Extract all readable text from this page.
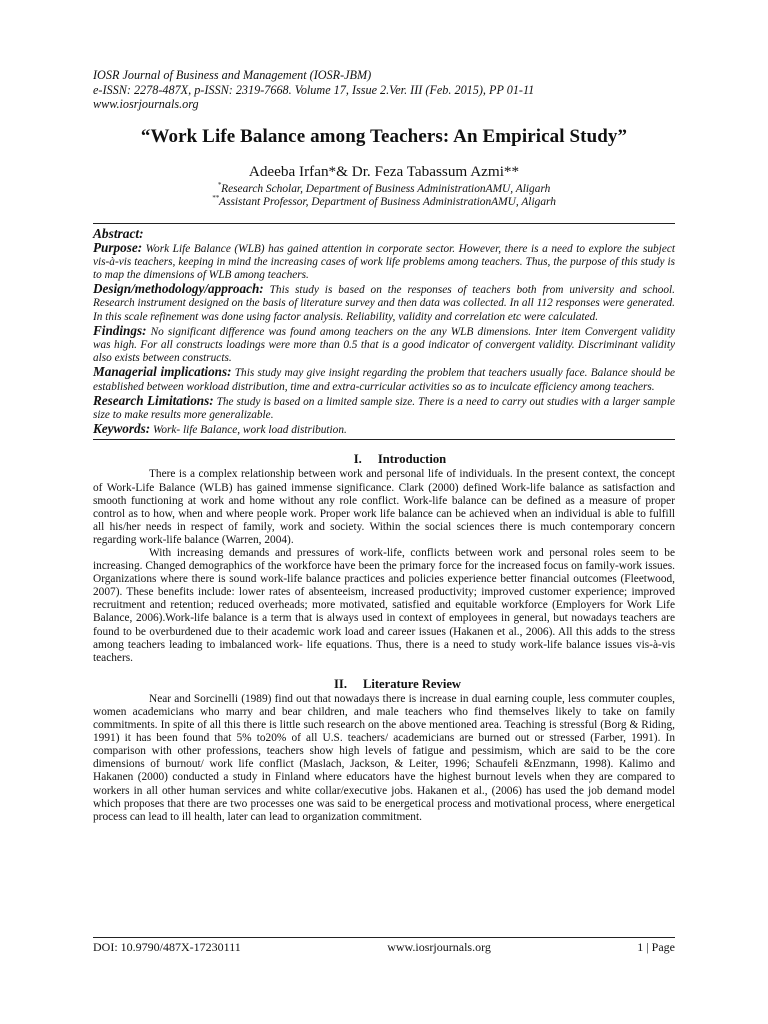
IOSR Journal of Business and Management (IOSR-JBM)
e-ISSN: 2278-487X, p-ISSN: 2319-7668. Volume 17, Issue 2.Ver. III (Feb. 2015), PP 01-11
www.iosrjournals.org
“Work Life Balance among Teachers: An Empirical Study”
Adeeba Irfan*& Dr. Feza Tabassum Azmi**
*Research Scholar, Department of Business AdministrationAMU, Aligarh
**Assistant Professor, Department of Business AdministrationAMU, Aligarh
Abstract:

Purpose: Work Life Balance (WLB) has gained attention in corporate sector. However, there is a need to explore the subject vis-à-vis teachers, keeping in mind the increasing cases of work life problems among teachers. Thus, the purpose of this study is to map the dimensions of WLB among teachers.

Design/methodology/approach: This study is based on the responses of teachers both from university and school. Research instrument designed on the basis of literature survey and then data was collected. In all 112 responses were generated. In this scale refinement was done using factor analysis. Reliability, validity and correlation etc were calculated.

Findings: No significant difference was found among teachers on the any WLB dimensions. Inter item Convergent validity was high. For all constructs loadings were more than 0.5 that is a good indicator of convergent validity. Discriminant validity also exists between constructs.

Managerial implications: This study may give insight regarding the problem that teachers usually face. Balance should be established between workload distribution, time and extra-curricular activities so as to inculcate efficiency among teachers.

Research Limitations: The study is based on a limited sample size. There is a need to carry out studies with a larger sample size to make results more generalizable.

Keywords: Work- life Balance, work load distribution.

I. Introduction

There is a complex relationship between work and personal life of individuals. In the present context, the concept of Work-Life Balance (WLB) has gained immense significance. Clark (2000) defined Work-life balance as satisfaction and smooth functioning at work and home without any role conflict. Work-life balance can be defined as a measure of proper control as to how, when and where people work. Proper work life balance can be achieved when an individual is able to fulfill all his/her needs in respect of family, work and society. Within the social sciences there is much contemporary concern regarding work-life balance (Warren, 2004).

With increasing demands and pressures of work-life, conflicts between work and personal roles seem to be increasing. Changed demographics of the workforce have been the primary force for the increased focus on family-work issues. Organizations where there is sound work-life balance practices and policies experience better financial outcomes (Fleetwood, 2007). These benefits include: lower rates of absenteeism, increased productivity; improved customer experience; improved recruitment and retention; reduced overheads; more motivated, satisfied and equitable workforce (Employers for Work Life Balance, 2006).Work-life balance is a term that is always used in context of employees in general, but nowadays teachers are found to be overburdened due to their academic work load and career issues (Hakanen et al., 2006). All this adds to the stress among teachers leading to imbalanced work- life equations. Thus, there is a need to study work-life balance issues vis-à-vis teachers.

II. Literature Review

Near and Sorcinelli (1989) find out that nowadays there is increase in dual earning couple, less commuter couples, women academicians who marry and bear children, and male teachers who find themselves likely to take on family commitments. In spite of all this there is little such research on the above mentioned area. Teaching is stressful (Borg & Riding, 1991) it has been found that 5% to20% of all U.S. teachers/ academicians are burned out or stressed (Farber, 1991). In comparison with other professions, teachers show high levels of fatigue and pessimism, which are said to be the core dimensions of burnout/ work life conflict (Maslach, Jackson, & Leiter, 1996; Schaufeli &Enzmann, 1998). Kalimo and Hakanen (2000) conducted a study in Finland where educators have the highest burnout levels when they are compared to workers in all other human services and white collar/executive jobs. Hakanen et al., (2006) has used the job demand model which proposes that there are two processes one was said to be energetical process and motivational process, where energetical process can lead to ill health, later can lead to organization commitment.

DOI: 10.9790/487X-17230111	www.iosrjournals.org	1 | Page
